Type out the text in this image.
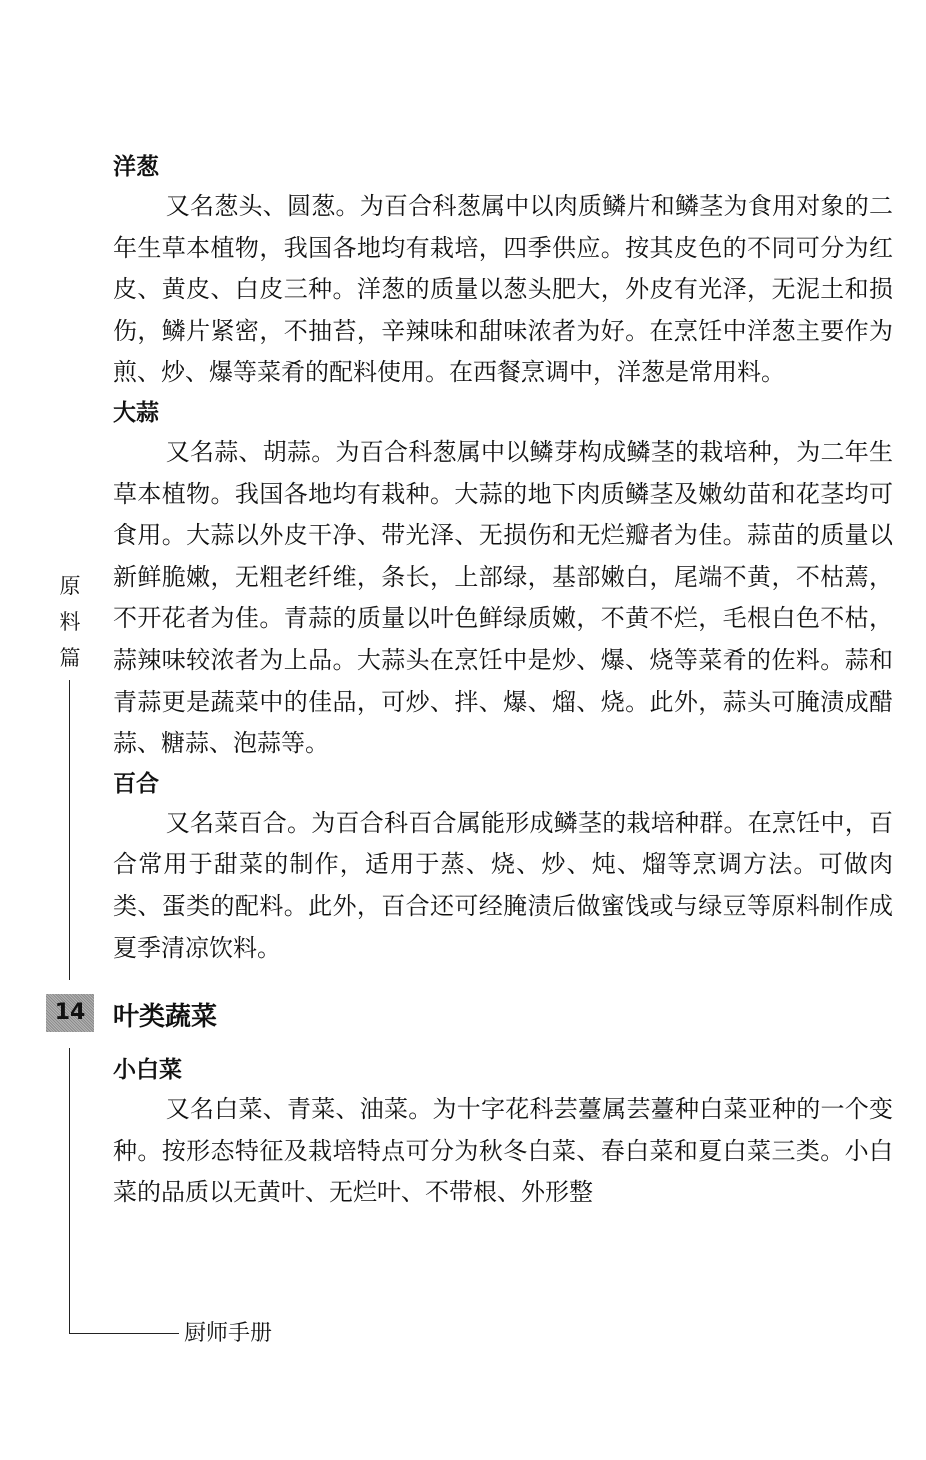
洋葱

又名葱头、圆葱。为百合科葱属中以肉质鳞片和鳞茎为食用对象的二年生草本植物，我国各地均有栽培，四季供应。按其皮色的不同可分为红皮、黄皮、白皮三种。洋葱的质量以葱头肥大，外皮有光泽，无泥土和损伤，鳞片紧密，不抽苔，辛辣味和甜味浓者为好。在烹饪中洋葱主要作为煎、炒、爆等菜肴的配料使用。在西餐烹调中，洋葱是常用料。

大蒜

又名蒜、胡蒜。为百合科葱属中以鳞芽构成鳞茎的栽培种，为二年生草本植物。我国各地均有栽种。大蒜的地下肉质鳞茎及嫩幼苗和花茎均可食用。大蒜以外皮干净、带光泽、无损伤和无烂瓣者为佳。蒜苗的质量以新鲜脆嫩，无粗老纤维，条长，上部绿，基部嫩白，尾端不黄，不枯蔫，不开花者为佳。青蒜的质量以叶色鲜绿质嫩，不黄不烂，毛根白色不枯，蒜辣味较浓者为上品。大蒜头在烹饪中是炒、爆、烧等菜肴的佐料。蒜和青蒜更是蔬菜中的佳品，可炒、拌、爆、熘、烧。此外，蒜头可腌渍成醋蒜、糖蒜、泡蒜等。

百合

又名菜百合。为百合科百合属能形成鳞茎的栽培种群。在烹饪中，百合常用于甜菜的制作，适用于蒸、烧、炒、炖、熘等烹调方法。可做肉类、蛋类的配料。此外，百合还可经腌渍后做蜜饯或与绿豆等原料制作成夏季清凉饮料。

叶类蔬菜
小白菜

又名白菜、青菜、油菜。为十字花科芸薹属芸薹种白菜亚种的一个变种。按形态特征及栽培特点可分为秋冬白菜、春白菜和夏白菜三类。小白菜的品质以无黄叶、无烂叶、不带根、外形整

原
料
篇
14
厨师手册
